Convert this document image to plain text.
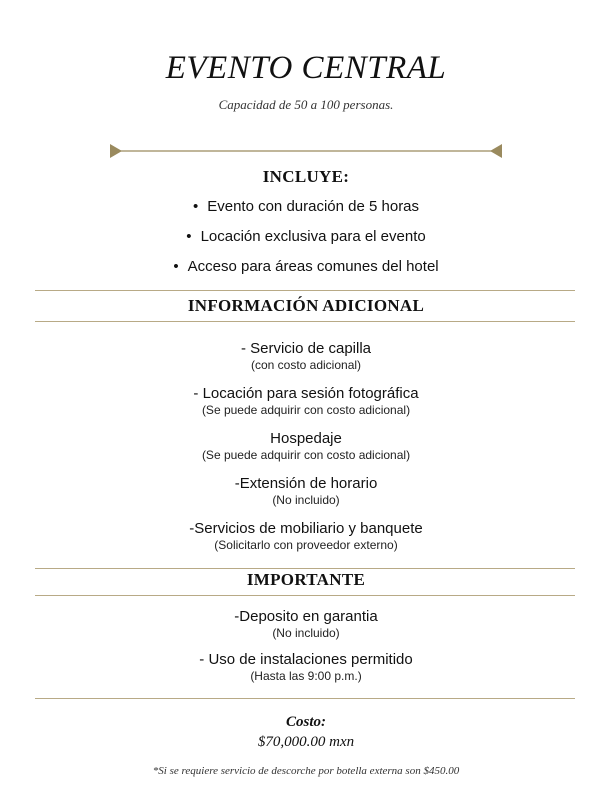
EVENTO CENTRAL
Capacidad de 50 a 100 personas.
INCLUYE:
• Evento con duración de 5 horas
• Locación exclusiva para el evento
• Acceso para áreas comunes del hotel
INFORMACIÓN ADICIONAL
- Servicio de capilla
(con costo adicional)
- Locación para sesión fotográfica
(Se puede adquirir con costo adicional)
Hospedaje
(Se puede adquirir con costo adicional)
-Extensión de horario
(No incluido)
-Servicios de mobiliario y banquete
(Solicitarlo con proveedor externo)
IMPORTANTE
-Deposito en garantia
(No incluido)
- Uso de instalaciones permitido
(Hasta las 9:00 p.m.)
Costo:
$70,000.00 mxn
*Si se requiere servicio de descorche por botella externa son $450.00
